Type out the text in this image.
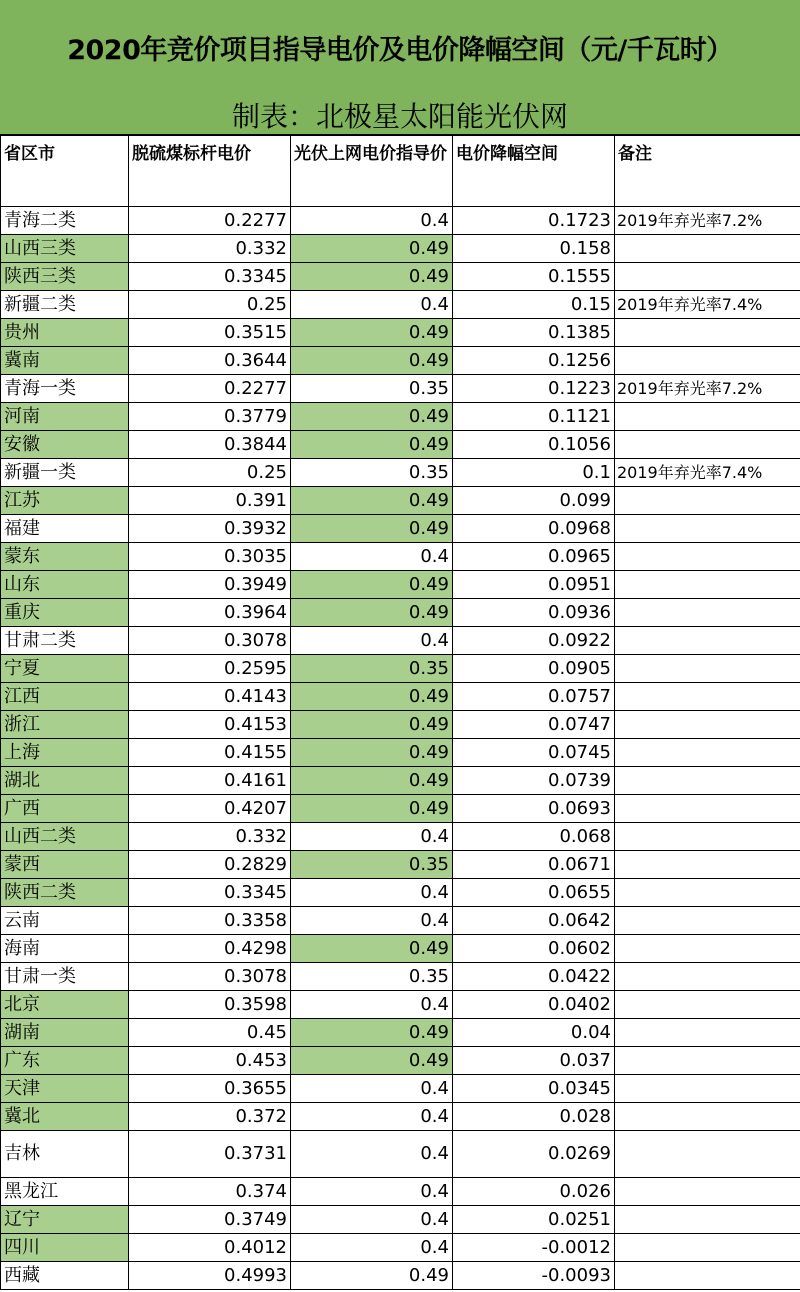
2020年竞价项目指导电价及电价降幅空间（元/千瓦时）
制表：北极星太阳能光伏网
省区市	脱硫煤标杆电价	光伏上网电价指导价	电价降幅空间	备注
青海二类	0.2277	0.4	0.1723	2019年弃光率7.2%
山西三类	0.332	0.49	0.158	
陕西三类	0.3345	0.49	0.1555	
新疆二类	0.25	0.4	0.15	2019年弃光率7.4%
贵州	0.3515	0.49	0.1385	
冀南	0.3644	0.49	0.1256	
青海一类	0.2277	0.35	0.1223	2019年弃光率7.2%
河南	0.3779	0.49	0.1121	
安徽	0.3844	0.49	0.1056	
新疆一类	0.25	0.35	0.1	2019年弃光率7.4%
江苏	0.391	0.49	0.099	
福建	0.3932	0.49	0.0968	
蒙东	0.3035	0.4	0.0965	
山东	0.3949	0.49	0.0951	
重庆	0.3964	0.49	0.0936	
甘肃二类	0.3078	0.4	0.0922	
宁夏	0.2595	0.35	0.0905	
江西	0.4143	0.49	0.0757	
浙江	0.4153	0.49	0.0747	
上海	0.4155	0.49	0.0745	
湖北	0.4161	0.49	0.0739	
广西	0.4207	0.49	0.0693	
山西二类	0.332	0.4	0.068	
蒙西	0.2829	0.35	0.0671	
陕西二类	0.3345	0.4	0.0655	
云南	0.3358	0.4	0.0642	
海南	0.4298	0.49	0.0602	
甘肃一类	0.3078	0.35	0.0422	
北京	0.3598	0.4	0.0402	
湖南	0.45	0.49	0.04	
广东	0.453	0.49	0.037	
天津	0.3655	0.4	0.0345	
冀北	0.372	0.4	0.028	
吉林	0.3731	0.4	0.0269	
黑龙江	0.374	0.4	0.026	
辽宁	0.3749	0.4	0.0251	
四川	0.4012	0.4	-0.0012	
西藏	0.4993	0.49	-0.0093	
